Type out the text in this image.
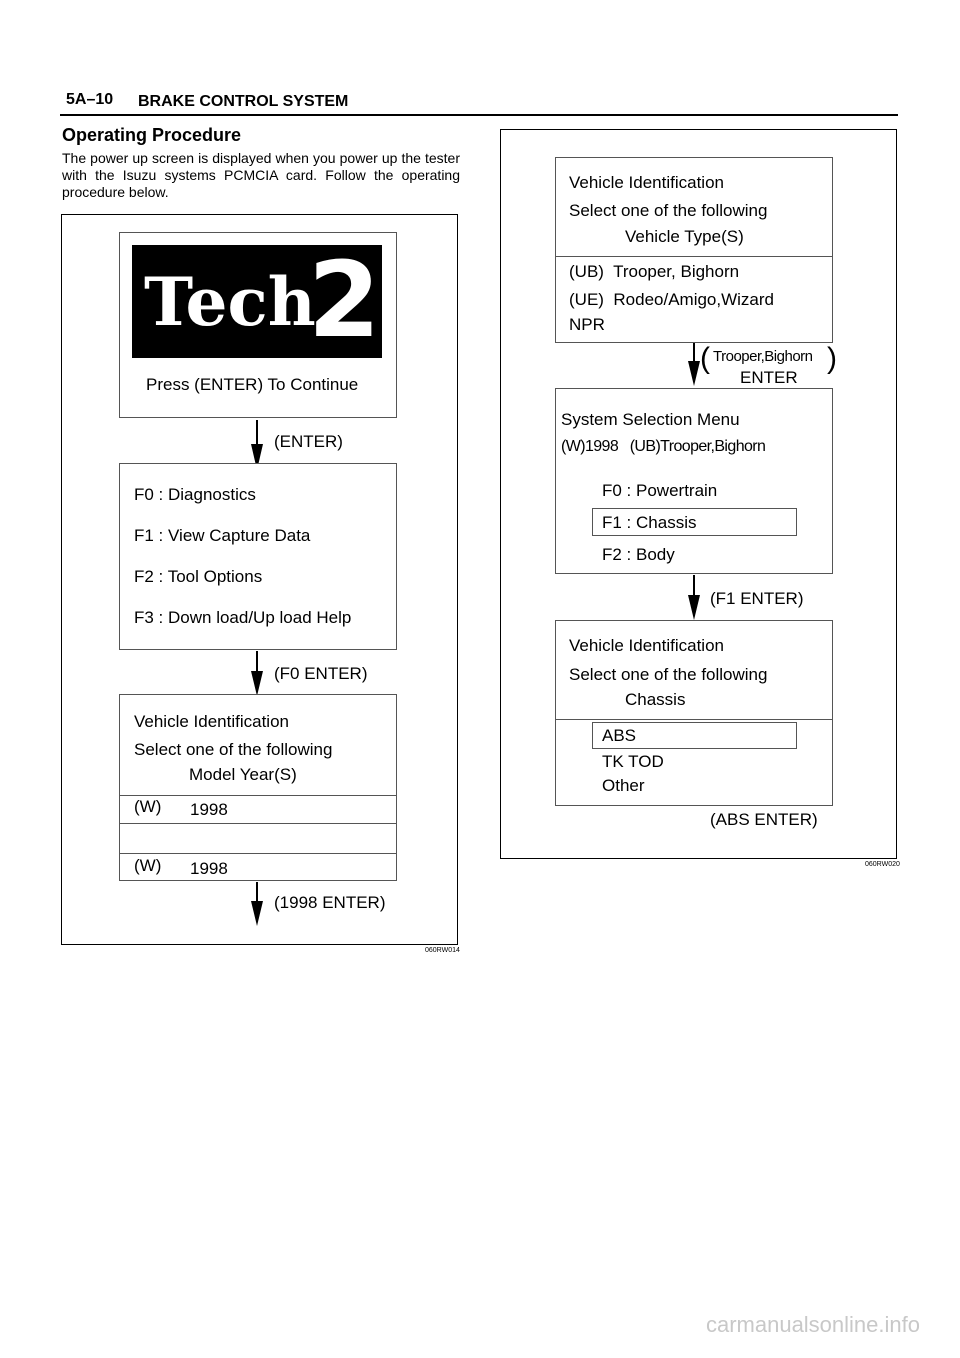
5A–10 BRAKE CONTROL SYSTEM
Operating Procedure
The power up screen is displayed when you power up the tester with the Isuzu systems PCMCIA card. Follow the operating procedure below.
Tech
2
Press (ENTER) To Continue
(ENTER)
F0 : Diagnostics
F1 : View Capture Data
F2 : Tool Options
F3 : Down load/Up load Help
(F0 ENTER)
Vehicle Identification
Select one of the following
Model Year(S)
(W) 1998
(W) 1998
(1998 ENTER)
060RW014
Vehicle Identification
Select one of the following
Vehicle Type(S)
(UB)  Trooper, Bighorn
(UE)  Rodeo/Amigo,Wizard
NPR
( Trooper,Bighorn
ENTER
)
System Selection Menu
(W)1998   (UB)Trooper,Bighorn
F0 : Powertrain
F1 : Chassis
F2 : Body
(F1 ENTER)
Vehicle Identification
Select one of the following
Chassis
ABS
TK TOD
Other
(ABS ENTER)
060RW020
carmanualsonline.info
